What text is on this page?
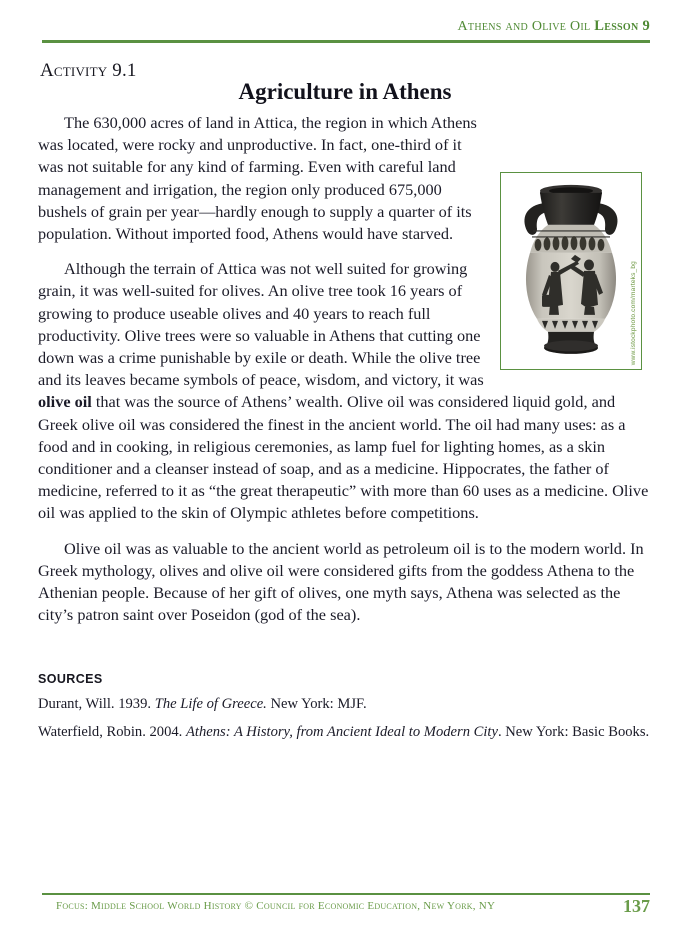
Athens and Olive Oil Lesson 9
Activity 9.1
Agriculture in Athens
www.istockphoto.com/marteks_bg

The 630,000 acres of land in Attica, the region in which Athens was located, were rocky and unproductive. In fact, one-third of it was not suitable for any kind of farming. Even with careful land management and irrigation, the region only produced 675,000 bushels of grain per year—hardly enough to supply a quarter of its population. Without imported food, Athens would have starved.

Although the terrain of Attica was not well suited for growing grain, it was well-suited for olives. An olive tree took 16 years of growing to produce useable olives and 40 years to reach full productivity. Olive trees were so valuable in Athens that cutting one down was a crime punishable by exile or death. While the olive tree and its leaves became symbols of peace, wisdom, and victory, it was olive oil that was the source of Athens’ wealth. Olive oil was considered liquid gold, and Greek olive oil was considered the finest in the ancient world. The oil had many uses: as a food and in cooking, in religious ceremonies, as lamp fuel for lighting homes, as a skin conditioner and a cleanser instead of soap, and as a medicine. Hippocrates, the father of medicine, referred to it as “the great therapeutic” with more than 60 uses as a medicine. Olive oil was applied to the skin of Olympic athletes before competitions.

Olive oil was as valuable to the ancient world as petroleum oil is to the modern world. In Greek mythology, olives and olive oil were considered gifts from the goddess Athena to the Athenian people. Because of her gift of olives, one myth says, Athena was selected as the city’s patron saint over Poseidon (god of the sea).

SOURCES
Durant, Will. 1939. The Life of Greece. New York: MJF.
Waterfield, Robin. 2004. Athens: A History, from Ancient Ideal to Modern City. New York: Basic Books.
Focus: Middle School World History © Council for Economic Education, New York, NY	137
